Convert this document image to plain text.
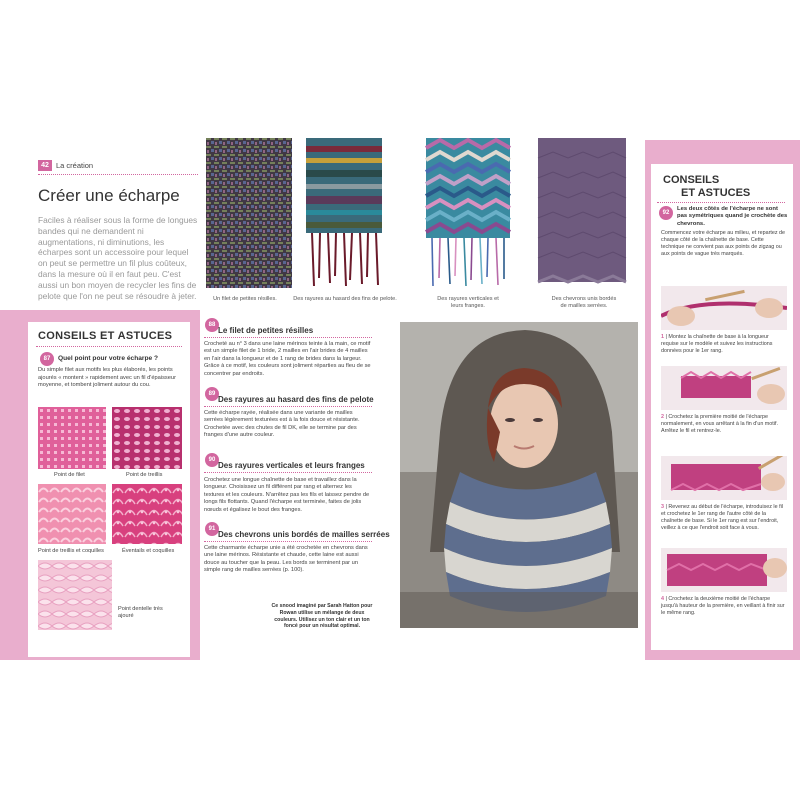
42 La création
Créer une écharpe

Faciles à réaliser sous la forme de longues bandes qui ne demandent ni augmentations, ni diminutions, les écharpes sont un accessoire pour lequel on peut se permettre un fil plus coûteux, dans la mesure où il en faut peu. C'est aussi un bon moyen de recycler les fins de pelote que l'on ne peut se résoudre à jeter.	Un filet de petites résilles.	Des rayures au hasard des fins de pelote.	Des rayures verticales et leurs franges.
Des chevrons unis bordés de mailles serrées.
CONSEILS ET ASTUCES
87	Quel point pour votre écharpe ?

Du simple filet aux motifs les plus élaborés, les points ajourés « montent » rapidement avec un fil d'épaisseur moyenne, et tombent joliment autour du cou.

Point de filet	Point de treillis
Point de treillis et coquilles	Éventails et coquilles
Point dentelle très ajouré
88
Le filet de petites résilles

Crocheté au n° 3 dans une laine mérinos teinte à la main, ce motif est un simple filet de 1 bride, 2 mailles en l'air brides de 4 mailles en l'air dans la longueur et de 1 rang de brides dans la largeur. Grâce à ce motif, les couleurs sont joliment réparties au fleu de se concentrer par endroits.

89
Des rayures au hasard des fins de pelote

Cette écharpe rayée, réalisée dans une variante de mailles serrées légèrement texturées est à la fois douce et résistante. Crochetée avec des chutes de fil DK, elle se termine par des franges d'une autre couleur.

90
Des rayures verticales et leurs franges

Crochetez une longue chaînette de base et travaillez dans la longueur. Choisissez un fil différent par rang et alternez les textures et les couleurs. N'arrêtez pas les fils et laissez pendre de longs fils flottants. Quand l'écharpe est terminée, faites de jolis nœuds et égalisez le bout des franges.

91
Des chevrons unis bordés de mailles serrées

Cette charmante écharpe unie a été crochetée en chevrons dans une laine mérinos. Résistante et chaude, cette laine est aussi douce au toucher que la peau. Les bords se terminent par un simple rang de mailles serrées (p. 100).

Ce snood imaginé par Sarah Hatton pour Rowan utilise un mélange de deux couleurs. Utilisez un ton clair et un ton foncé pour un résultat optimal.

CONSEILS
ET ASTUCES
92
Les deux côtés de l'écharpe ne sont pas symétriques quand je crochète des chevrons.

Commencez votre écharpe au milieu, et repartez de chaque côté de la chaînette de base. Cette technique ne convient pas aux points de zigzag ou aux points de vague très marqués.

1 | Montez la chaînette de base à la longueur requise sur le modèle et suivez les instructions données pour le 1er rang.

2 | Crochetez la première moitié de l'écharpe normalement, en vous arrêtant à la fin d'un motif. Arrêtez le fil et rentrez-le.

3 | Revenez au début de l'écharpe, introduisez le fil et crochetez le 1er rang de l'autre côté de la chaînette de base. Si le 1er rang est sur l'endroit, veillez à ce que l'endroit soit face à vous.

4 | Crochetez la deuxième moitié de l'écharpe jusqu'à hauteur de la première, en veillant à finir sur le même rang.
